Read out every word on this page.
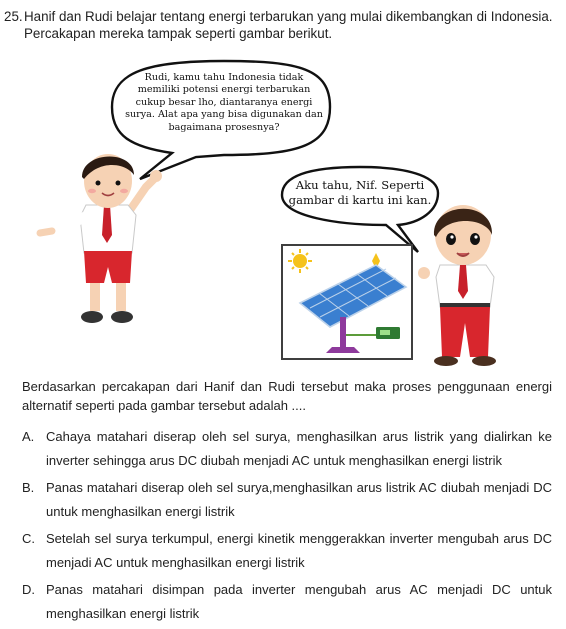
25.Hanif dan Rudi belajar tentang energi terbarukan yang mulai dikembangkan di Indonesia.
Percakapan mereka tampak seperti gambar berikut.
Rudi, kamu tahu Indonesia tidak memiliki potensi energi terbarukan cukup besar lho, diantaranya energi surya. Alat apa yang bisa digunakan dan bagaimana prosesnya?
Aku tahu, Nif. Seperti gambar di kartu ini kan.
Berdasarkan percakapan dari Hanif dan Rudi tersebut maka proses penggunaan energi alternatif seperti pada gambar tersebut adalah ....
A. Cahaya matahari diserap oleh sel surya, menghasilkan arus listrik yang dialirkan ke inverter sehingga arus DC diubah menjadi AC untuk menghasilkan energi listrik
B. Panas matahari diserap oleh sel surya,menghasilkan arus listrik AC diubah menjadi DC untuk menghasilkan energi listrik
C. Setelah sel surya terkumpul, energi kinetik menggerakkan inverter mengubah arus DC menjadi AC untuk menghasilkan energi listrik
D. Panas matahari disimpan pada inverter mengubah arus AC menjadi DC untuk menghasilkan energi listrik
